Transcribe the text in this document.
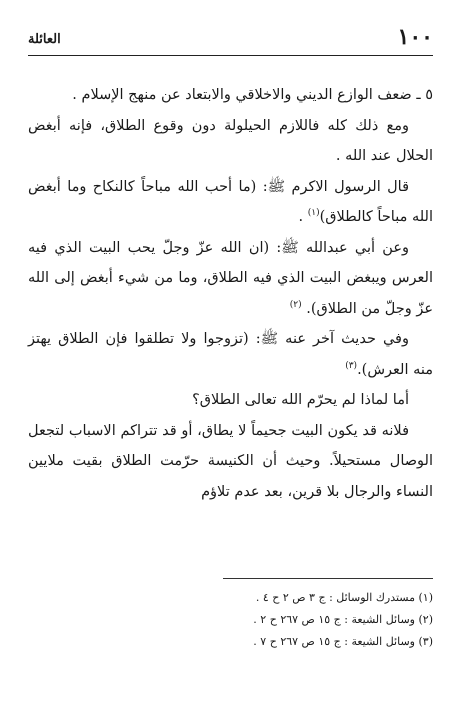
١٠٠
العائلة

٥ ـ ضعف الوازع الديني والاخلاقي والابتعاد عن منهج الإسلام .

ومع ذلك كله فاللازم الحيلولة دون وقوع الطلاق، فإنه أبغض الحلال عند الله .

قال الرسول الاكرم ﷺ: (ما أحب الله مباحاً كالنكاح وما أبغض الله مباحاً كالطلاق)$^{(١)}$ .

وعن أبي عبدالله ﷺ: (ان الله عزّ وجلّ يحب البيت الذي فيه العرس ويبغض البيت الذي فيه الطلاق، وما من شيء أبغض إلى الله عزّ وجلّ من الطلاق). $^{(٢)}$

وفي حديث آخر عنه ﷺ: (تزوجوا ولا تطلقوا فإن الطلاق يهتز منه العرش).$^{(٣)}$

أما لماذا لم يحرّم الله تعالى الطلاق؟

فلانه قد يكون البيت جحيماً لا يطاق، أو قد تتراكم الاسباب لتجعل الوصال مستحيلاً. وحيث أن الكنيسة حرّمت الطلاق بقيت ملايين النساء والرجال بلا قرين، بعد عدم تلاؤم

(١) مستدرك الوسائل : ج ٣ ص ٢ ح ٤ .
(٢) وسائل الشيعة : ج ١٥ ص ٢٦٧ ح ٢ .
(٣) وسائل الشيعة : ج ١٥ ص ٢٦٧ ح ٧ .
